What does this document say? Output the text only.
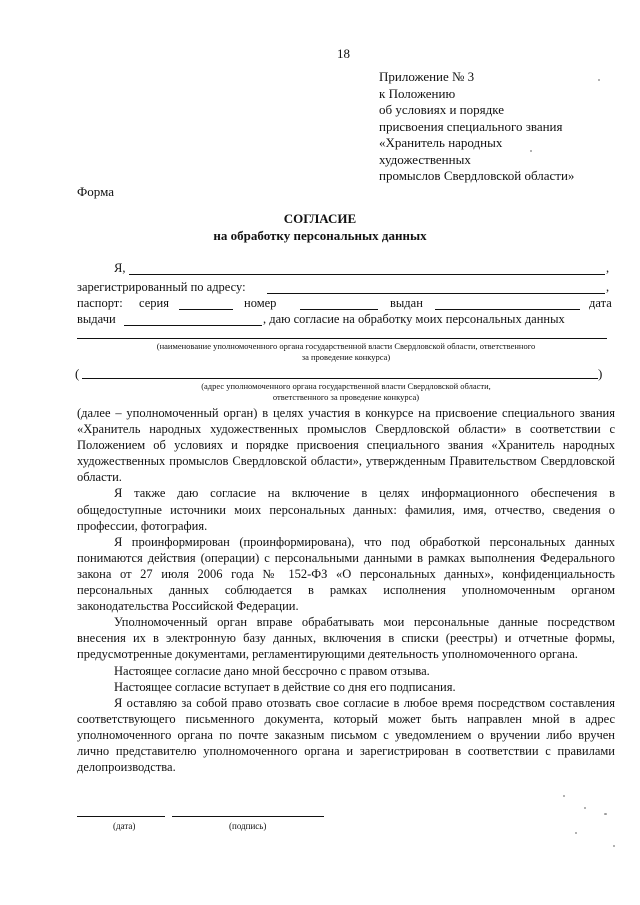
18
Приложение № 3
к Положению
об условиях и порядке
присвоения специального звания
«Хранитель народных
художественных
промыслов Свердловской области»
Форма
СОГЛАСИЕ
на обработку персональных данных
Я,	,
зарегистрированный по адресу:	,
паспорт: серия	номер	выдан	дата
выдачи	, даю согласие на обработку моих персональных данных
(наименование уполномоченного органа государственной власти Свердловской области, ответственного
за проведение конкурса)
(	)
(адрес уполномоченного органа государственной власти Свердловской области,
ответственного за проведение конкурса)

(далее – уполномоченный орган) в целях участия в конкурсе на присвоение специального звания «Хранитель народных художественных промыслов Свердловской области» в соответствии с Положением об условиях и порядке присвоения специального звания «Хранитель народных художественных промыслов Свердловской области», утвержденным Правительством Свердловской области.

Я также даю согласие на включение в целях информационного обеспечения в общедоступные источники моих персональных данных: фамилия, имя, отчество, сведения о профессии, фотография.

Я проинформирован (проинформирована), что под обработкой персональных данных понимаются действия (операции) с персональными данными в рамках выполнения Федерального закона от 27 июля 2006 года № 152-ФЗ «О персональных данных», конфиденциальность персональных данных соблюдается в рамках исполнения уполномоченным органом законодательства Российской Федерации.

Уполномоченный орган вправе обрабатывать мои персональные данные посредством внесения их в электронную базу данных, включения в списки (реестры) и отчетные формы, предусмотренные документами, регламентирующими деятельность уполномоченного органа.

Настоящее согласие дано мной бессрочно с правом отзыва.

Настоящее согласие вступает в действие со дня его подписания.

Я оставляю за собой право отозвать свое согласие в любое время посредством составления соответствующего письменного документа, который может быть направлен мной в адрес уполномоченного органа по почте заказным письмом с уведомлением о вручении либо вручен лично представителю уполномоченного органа и зарегистрирован в соответствии с правилами делопроизводства.

(дата)	(подпись)
